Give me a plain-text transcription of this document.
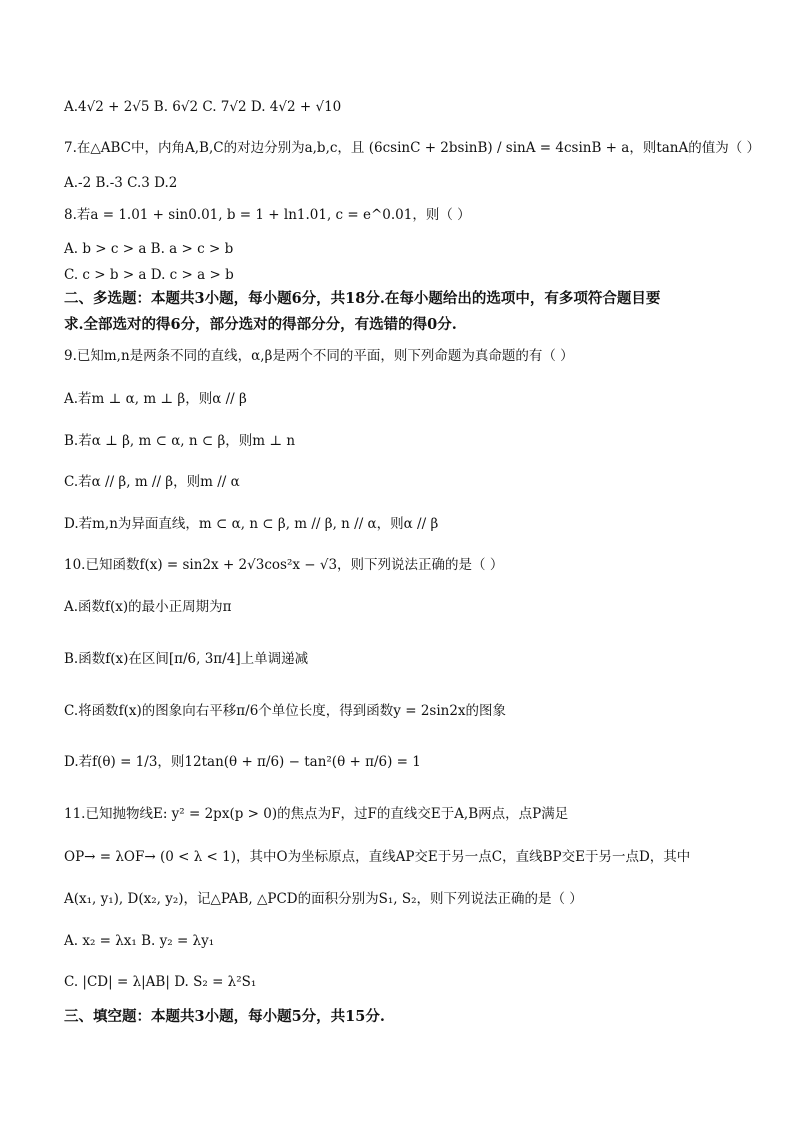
A.4√2 + 2√5 B. 6√2 C. 7√2 D. 4√2 + √10
7.在△ABC中，内角A,B,C的对边分别为a,b,c，且 (6csinC + 2bsinB) / sinA = 4csinB + a，则tanA的值为（ ）
A.-2 B.-3 C.3 D.2
8.若a = 1.01 + sin0.01, b = 1 + ln1.01, c = e^0.01，则（ ）
A. b > c > a B. a > c > b
C. c > b > a D. c > a > b
二、多选题：本题共3小题，每小题6分，共18分.在每小题给出的选项中，有多项符合题目要
求.全部选对的得6分，部分选对的得部分分，有选错的得0分.
9.已知m,n是两条不同的直线，α,β是两个不同的平面，则下列命题为真命题的有（ ）
A.若m ⊥ α, m ⊥ β，则α // β
B.若α ⊥ β, m ⊂ α, n ⊂ β，则m ⊥ n
C.若α // β, m // β，则m // α
D.若m,n为异面直线，m ⊂ α, n ⊂ β, m // β, n // α，则α // β
10.已知函数f(x) = sin2x + 2√3cos²x − √3，则下列说法正确的是（ ）
A.函数f(x)的最小正周期为π
B.函数f(x)在区间[π/6, 3π/4]上单调递减
C.将函数f(x)的图象向右平移π/6个单位长度，得到函数y = 2sin2x的图象
D.若f(θ) = 1/3，则12tan(θ + π/6) − tan²(θ + π/6) = 1
11.已知抛物线E: y² = 2px(p > 0)的焦点为F，过F的直线交E于A,B两点，点P满足
OP→ = λOF→ (0 < λ < 1)，其中O为坐标原点，直线AP交E于另一点C，直线BP交E于另一点D，其中
A(x₁, y₁), D(x₂, y₂)，记△PAB, △PCD的面积分别为S₁, S₂，则下列说法正确的是（ ）
A. x₂ = λx₁ B. y₂ = λy₁
C. |CD| = λ|AB| D. S₂ = λ²S₁
三、填空题：本题共3小题，每小题5分，共15分.
